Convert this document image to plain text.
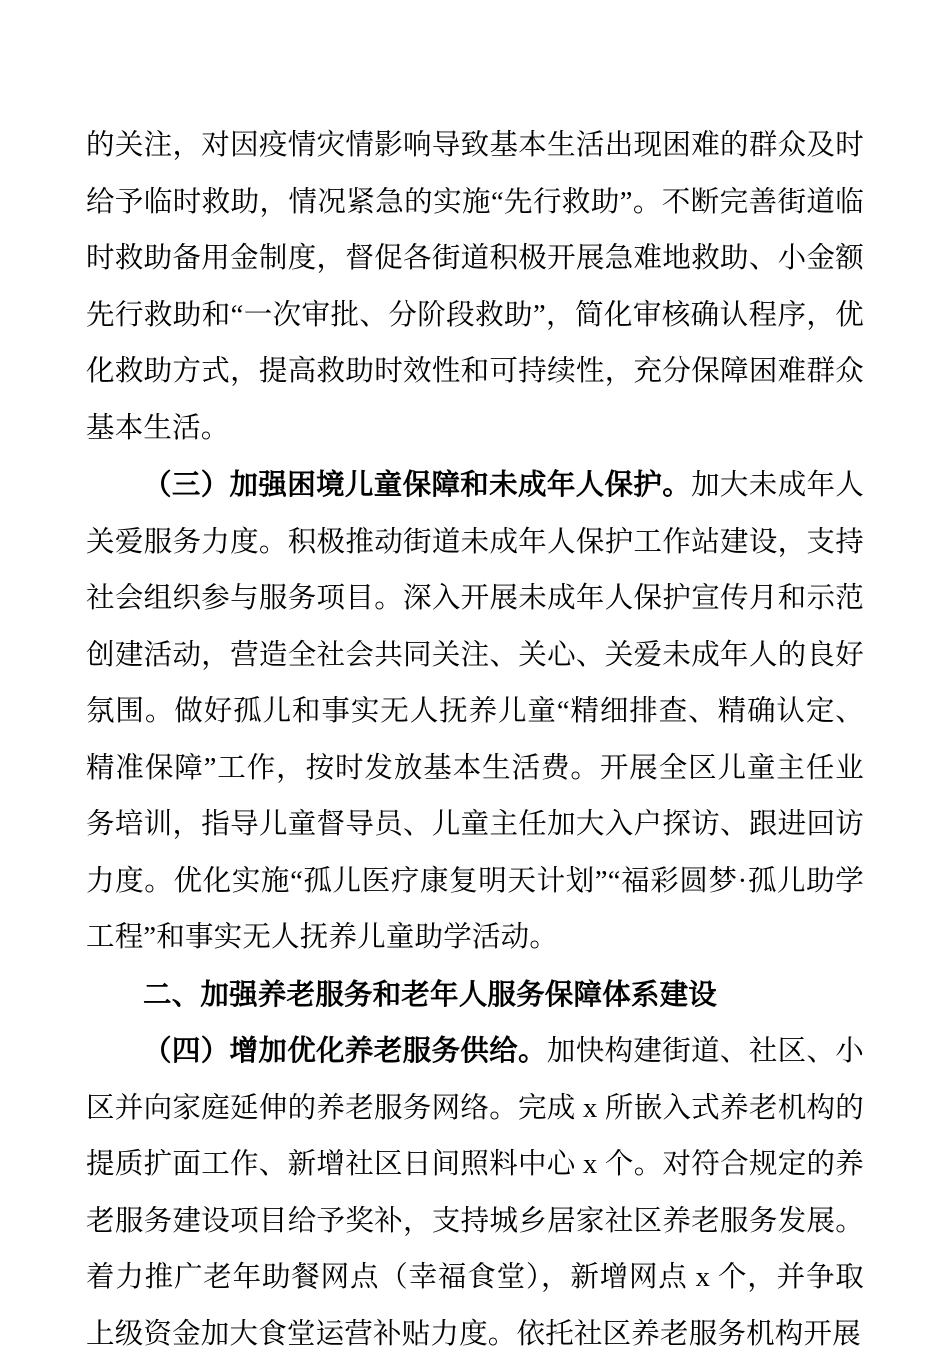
的关注，对因疫情灾情影响导致基本生活出现困难的群众及时给予临时救助，情况紧急的实施“先行救助”。不断完善街道临时救助备用金制度，督促各街道积极开展急难地救助、小金额先行救助和“一次审批、分阶段救助”，简化审核确认程序，优化救助方式，提高救助时效性和可持续性，充分保障困难群众基本生活。

（三）加强困境儿童保障和未成年人保护。加大未成年人关爱服务力度。积极推动街道未成年人保护工作站建设，支持社会组织参与服务项目。深入开展未成年人保护宣传月和示范创建活动，营造全社会共同关注、关心、关爱未成年人的良好氛围。做好孤儿和事实无人抚养儿童“精细排查、精确认定、精准保障”工作，按时发放基本生活费。开展全区儿童主任业务培训，指导儿童督导员、儿童主任加大入户探访、跟进回访力度。优化实施“孤儿医疗康复明天计划”“福彩圆梦·孤儿助学工程”和事实无人抚养儿童助学活动。

二、加强养老服务和老年人服务保障体系建设

（四）增加优化养老服务供给。加快构建街道、社区、小区并向家庭延伸的养老服务网络。完成 x 所嵌入式养老机构的提质扩面工作、新增社区日间照料中心 x 个。对符合规定的养老服务建设项目给予奖补，支持城乡居家社区养老服务发展。着力推广老年助餐网点（幸福食堂），新增网点 x 个，并争取上级资金加大食堂运营补贴力度。依托社区养老服务机构开展
